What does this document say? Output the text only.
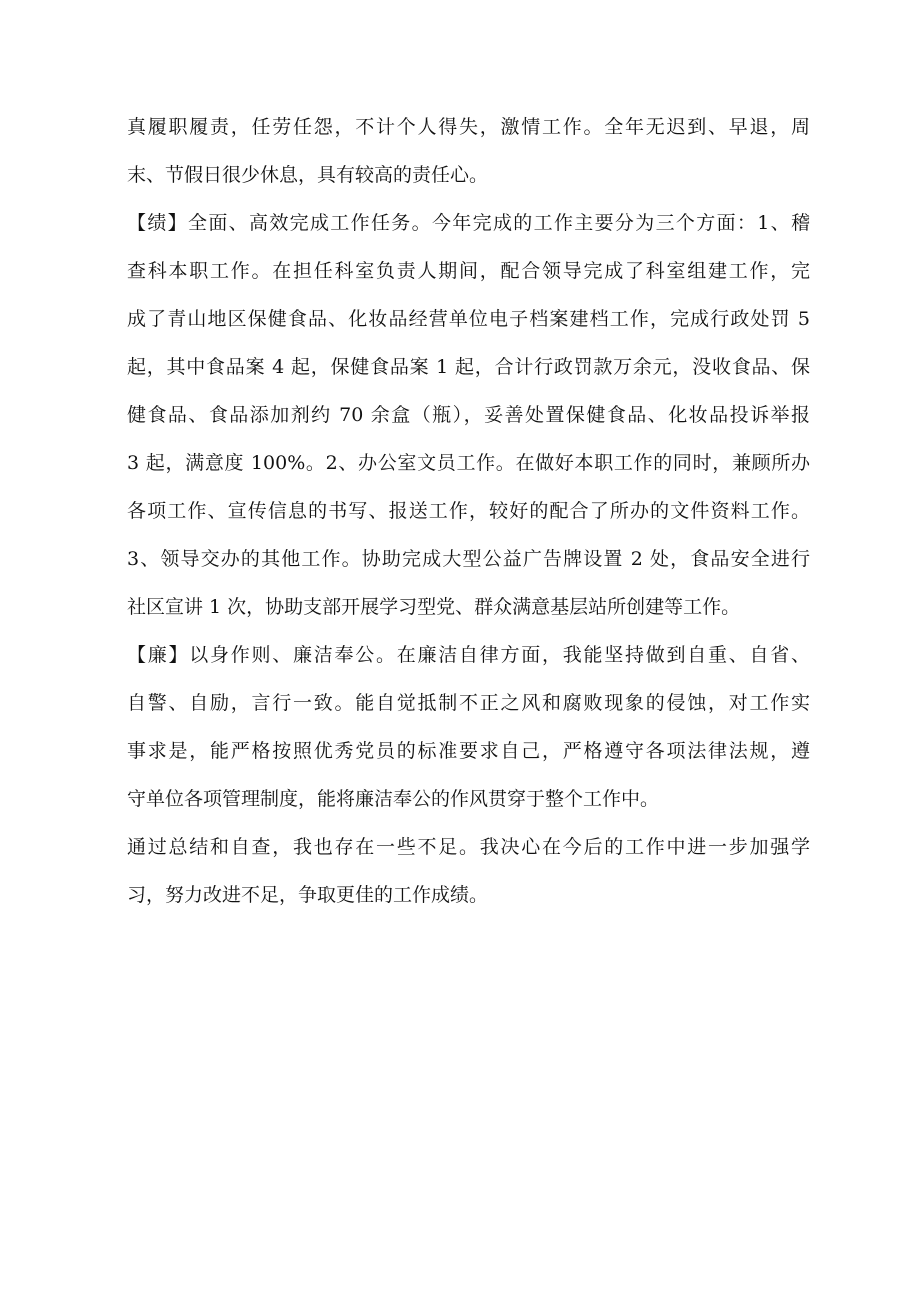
真履职履责，任劳任怨，不计个人得失，激情工作。全年无迟到、早退，周

末、节假日很少休息，具有较高的责任心。

【绩】全面、高效完成工作任务。今年完成的工作主要分为三个方面：1、稽

查科本职工作。在担任科室负责人期间，配合领导完成了科室组建工作，完

成了青山地区保健食品、化妆品经营单位电子档案建档工作，完成行政处罚 5

起，其中食品案 4 起，保健食品案 1 起，合计行政罚款万余元，没收食品、保

健食品、食品添加剂约 70 余盒（瓶），妥善处置保健食品、化妆品投诉举报

3 起，满意度 100%。2、办公室文员工作。在做好本职工作的同时，兼顾所办

各项工作、宣传信息的书写、报送工作，较好的配合了所办的文件资料工作。

3、领导交办的其他工作。协助完成大型公益广告牌设置 2 处，食品安全进行

社区宣讲 1 次，协助支部开展学习型党、群众满意基层站所创建等工作。

【廉】以身作则、廉洁奉公。在廉洁自律方面，我能坚持做到自重、自省、

自警、自励，言行一致。能自觉抵制不正之风和腐败现象的侵蚀，对工作实

事求是，能严格按照优秀党员的标准要求自己，严格遵守各项法律法规，遵

守单位各项管理制度，能将廉洁奉公的作风贯穿于整个工作中。

通过总结和自查，我也存在一些不足。我决心在今后的工作中进一步加强学

习，努力改进不足，争取更佳的工作成绩。
